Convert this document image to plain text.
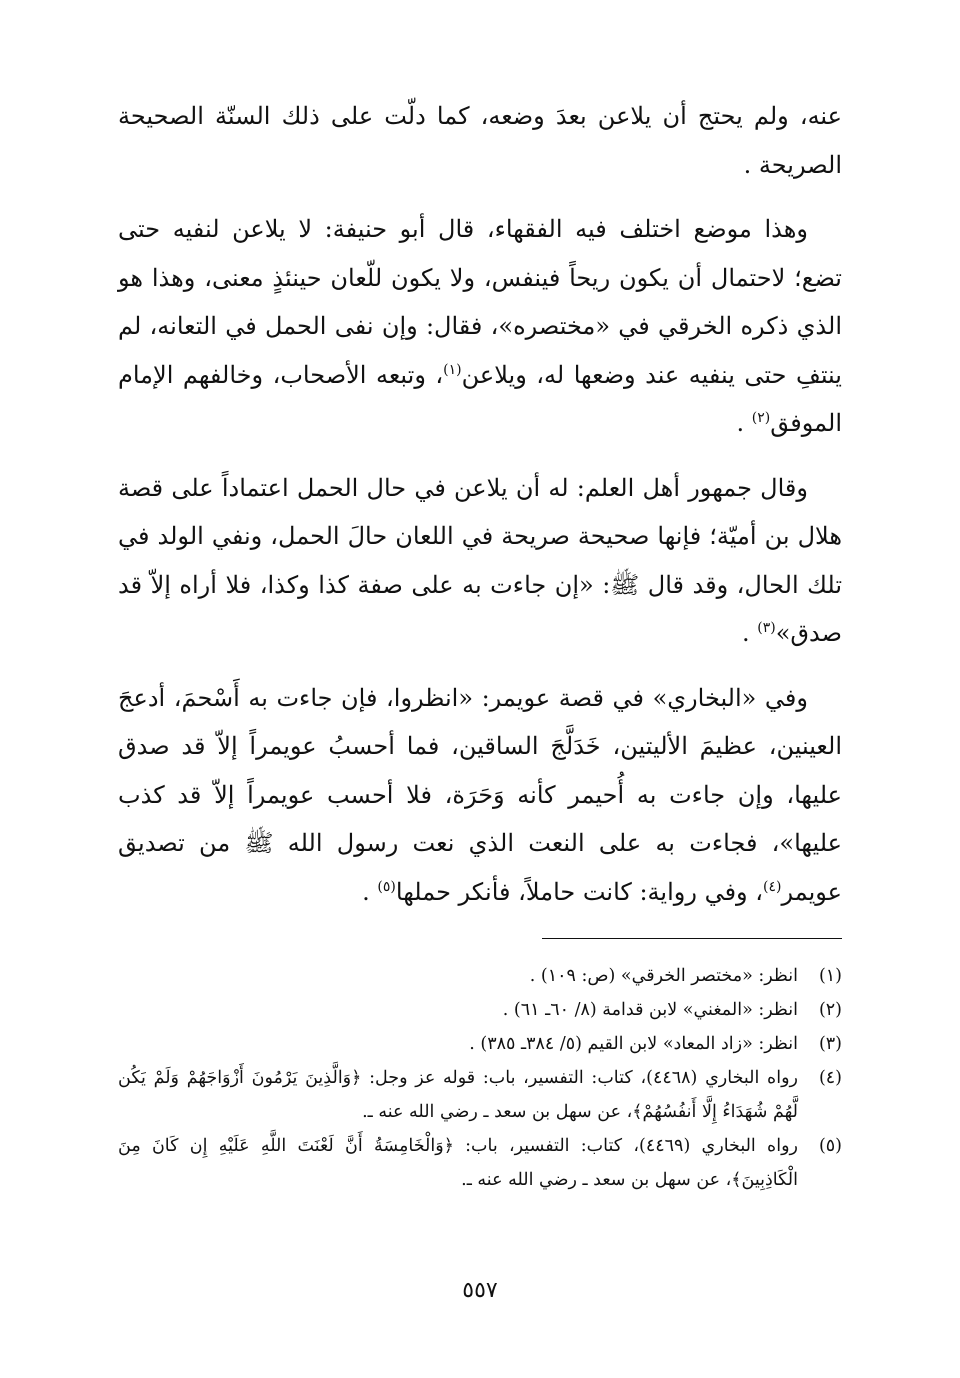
عنه، ولم يحتج أن يلاعن بعدَ وضعه، كما دلّت على ذلك السنّة الصحيحة الصريحة .

وهذا موضع اختلف فيه الفقهاء، قال أبو حنيفة: لا يلاعن لنفيه حتى تضع؛ لاحتمال أن يكون ريحاً فينفس، ولا يكون للّعان حينئذٍ معنى، وهذا هو الذي ذكره الخرقي في «مختصره»، فقال: وإن نفى الحمل في التعانه، لم ينتفِ حتى ينفيه عند وضعها له، ويلاعن$^{(١)}$، وتبعه الأصحاب، وخالفهم الإمام الموفق$^{(٢)}$ .

وقال جمهور أهل العلم: له أن يلاعن في حال الحمل اعتماداً على قصة هلال بن أميّة؛ فإنها صحيحة صريحة في اللعان حالَ الحمل، ونفي الولد في تلك الحال، وقد قال ﷺ: «إن جاءت به على صفة كذا وكذا، فلا أراه إلاّ قد صدق»$^{(٣)}$ .

وفي «البخاري» في قصة عويمر: «انظروا، فإن جاءت به أَسْحمَ، أدعجَ العينين، عظيمَ الأليتين، خَدَلَّجَ الساقين، فما أحسبُ عويمراً إلاّ قد صدق عليها، وإن جاءت به أُحيمر كأنه وَحَرَة، فلا أحسب عويمراً إلاّ قد كذب عليها»، فجاءت به على النعت الذي نعت رسول الله ﷺ من تصديق عويمر$^{(٤)}$، وفي رواية: كانت حاملاً، فأنكر حملها$^{(٥)}$ .

(١)
انظر: «مختصر الخرقي» (ص: ١٠٩) .
(٢)
انظر: «المغني» لابن قدامة (٨/ ٦٠ـ ٦١) .
(٣)
انظر: «زاد المعاد» لابن القيم (٥/ ٣٨٤ـ ٣٨٥) .
(٤)
رواه البخاري (٤٤٦٨)، كتاب: التفسير، باب: قوله عز وجل: ﴿وَالَّذِينَ يَرْمُونَ أَزْوَاجَهُمْ وَلَمْ يَكُن لَّهُمْ شُهَدَاءُ إِلَّا أَنفُسُهُمْ﴾، عن سهل بن سعد ـ رضي الله عنه ـ.
(٥)
رواه البخاري (٤٤٦٩)، كتاب: التفسير، باب: ﴿وَالْخَامِسَةُ أَنَّ لَعْنَتَ اللَّهِ عَلَيْهِ إِن كَانَ مِنَ الْكَاذِبِينَ﴾، عن سهل بن سعد ـ رضي الله عنه ـ.
٥٥٧
